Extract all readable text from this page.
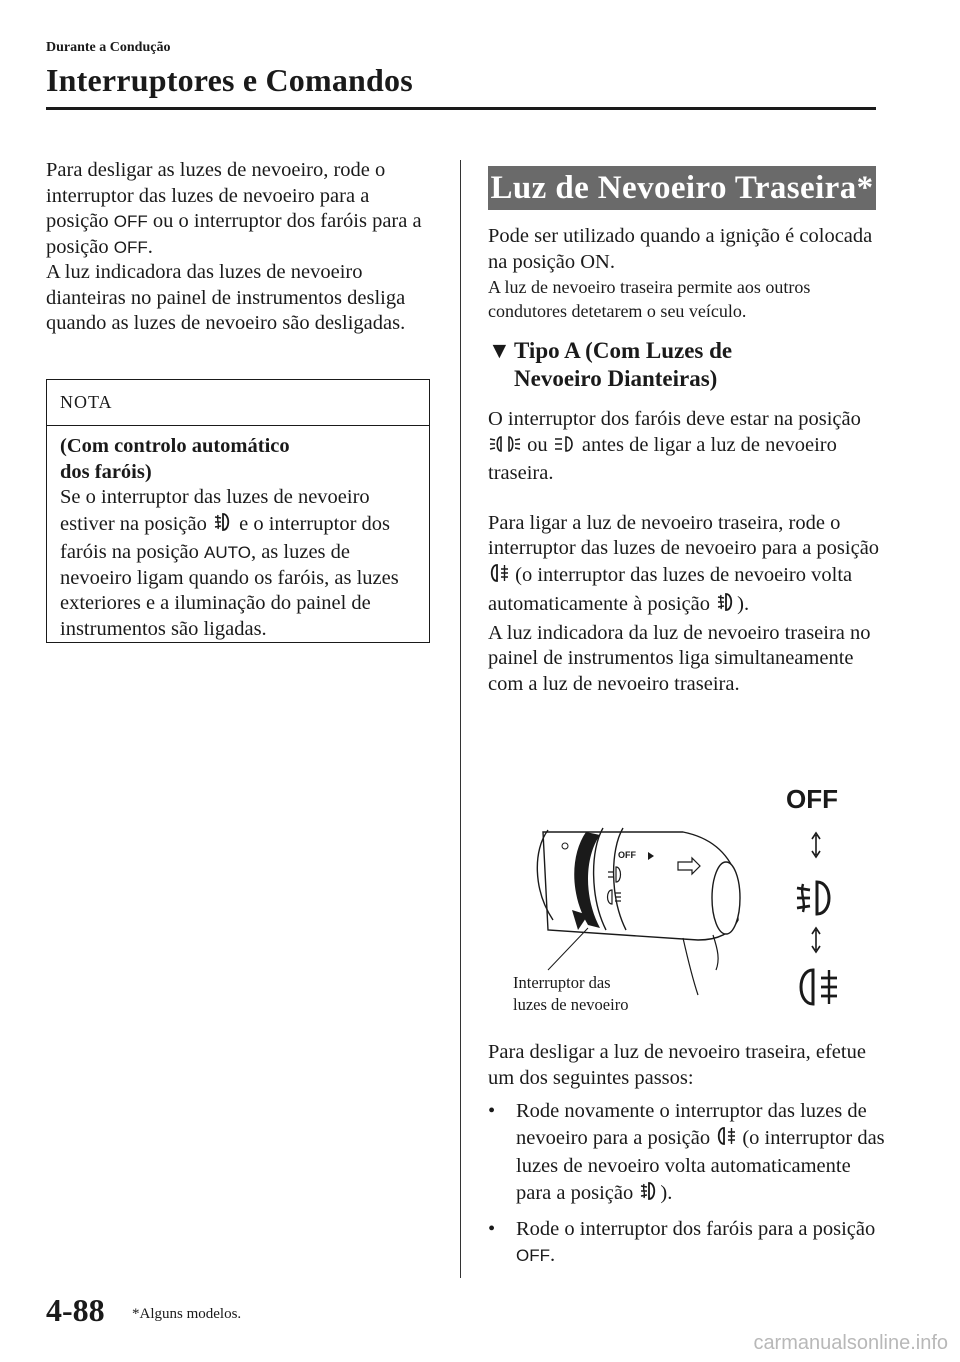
Durante a Condução
Interruptores e Comandos

Para desligar as luzes de nevoeiro, rode o interruptor das luzes de nevoeiro para a posição OFF ou o interruptor dos faróis para a posição OFF.

A luz indicadora das luzes de nevoeiro dianteiras no painel de instrumentos desliga quando as luzes de nevoeiro são desligadas.

NOTA
(Com controlo automático
dos faróis)

Se o interruptor das luzes de nevoeiro estiver na posição  e o interruptor dos faróis na posição AUTO, as luzes de nevoeiro ligam quando os faróis, as luzes exteriores e a iluminação do painel de instrumentos são ligadas.

Luz de Nevoeiro Traseira*

Pode ser utilizado quando a ignição é colocada na posição ON.

A luz de nevoeiro traseira permite aos outros condutores detetarem o seu veículo.

▼ Tipo A (Com Luzes de
Nevoeiro Dianteiras)

O interruptor dos faróis deve estar na posição  ou  antes de ligar a luz de nevoeiro traseira.

Para ligar a luz de nevoeiro traseira, rode o interruptor das luzes de nevoeiro para a posição  (o interruptor das luzes de nevoeiro volta automaticamente à posição ).

A luz indicadora da luz de nevoeiro traseira no painel de instrumentos liga simultaneamente com a luz de nevoeiro traseira.

OFF
OFF
Interruptor das
luzes de nevoeiro

Para desligar a luz de nevoeiro traseira, efetue um dos seguintes passos:

•	Rode novamente o interruptor das luzes de nevoeiro para a posição  (o interruptor das luzes de nevoeiro volta automaticamente para a posição ).

•	Rode o interruptor dos faróis para a posição OFF.

4-88 *Alguns modelos.
carmanualsonline.info
